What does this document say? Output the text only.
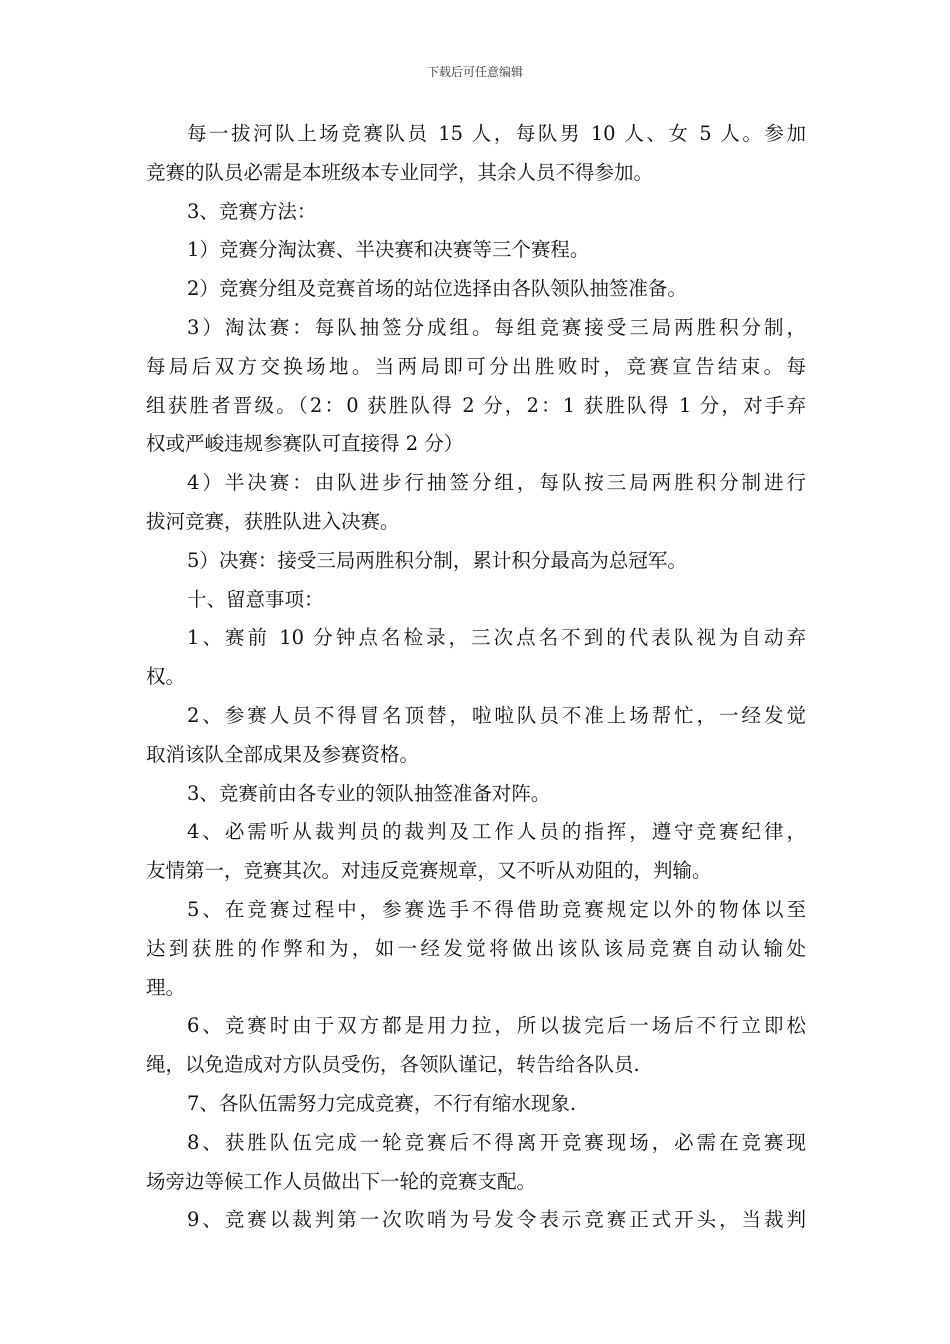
下载后可任意编辑
每一拔河队上场竞赛队员 15 人，每队男 10 人、女 5 人。参加
竞赛的队员必需是本班级本专业同学，其余人员不得参加。
3、竞赛方法：
1）竞赛分淘汰赛、半决赛和决赛等三个赛程。
2）竞赛分组及竞赛首场的站位选择由各队领队抽签准备。
3）淘汰赛：每队抽签分成组。每组竞赛接受三局两胜积分制，
每局后双方交换场地。当两局即可分出胜败时，竞赛宣告结束。每
组获胜者晋级。（2：0 获胜队得 2 分，2：1 获胜队得 1 分，对手弃
权或严峻违规参赛队可直接得 2 分）
4）半决赛：由队进步行抽签分组，每队按三局两胜积分制进行
拔河竞赛，获胜队进入决赛。
5）决赛：接受三局两胜积分制，累计积分最高为总冠军。
十、留意事项：
1、赛前 10 分钟点名检录，三次点名不到的代表队视为自动弃
权。
2、参赛人员不得冒名顶替，啦啦队员不准上场帮忙，一经发觉
取消该队全部成果及参赛资格。
3、竞赛前由各专业的领队抽签准备对阵。
4、必需听从裁判员的裁判及工作人员的指挥，遵守竞赛纪律，
友情第一，竞赛其次。对违反竞赛规章，又不听从劝阻的，判输。
5、在竞赛过程中，参赛选手不得借助竞赛规定以外的物体以至
达到获胜的作弊和为，如一经发觉将做出该队该局竞赛自动认输处
理。
6、竞赛时由于双方都是用力拉，所以拔完后一场后不行立即松
绳，以免造成对方队员受伤，各领队谨记，转告给各队员.
7、各队伍需努力完成竞赛，不行有缩水现象.
8、获胜队伍完成一轮竞赛后不得离开竞赛现场，必需在竞赛现
场旁边等候工作人员做出下一轮的竞赛支配。
9、竞赛以裁判第一次吹哨为号发令表示竞赛正式开头，当裁判
